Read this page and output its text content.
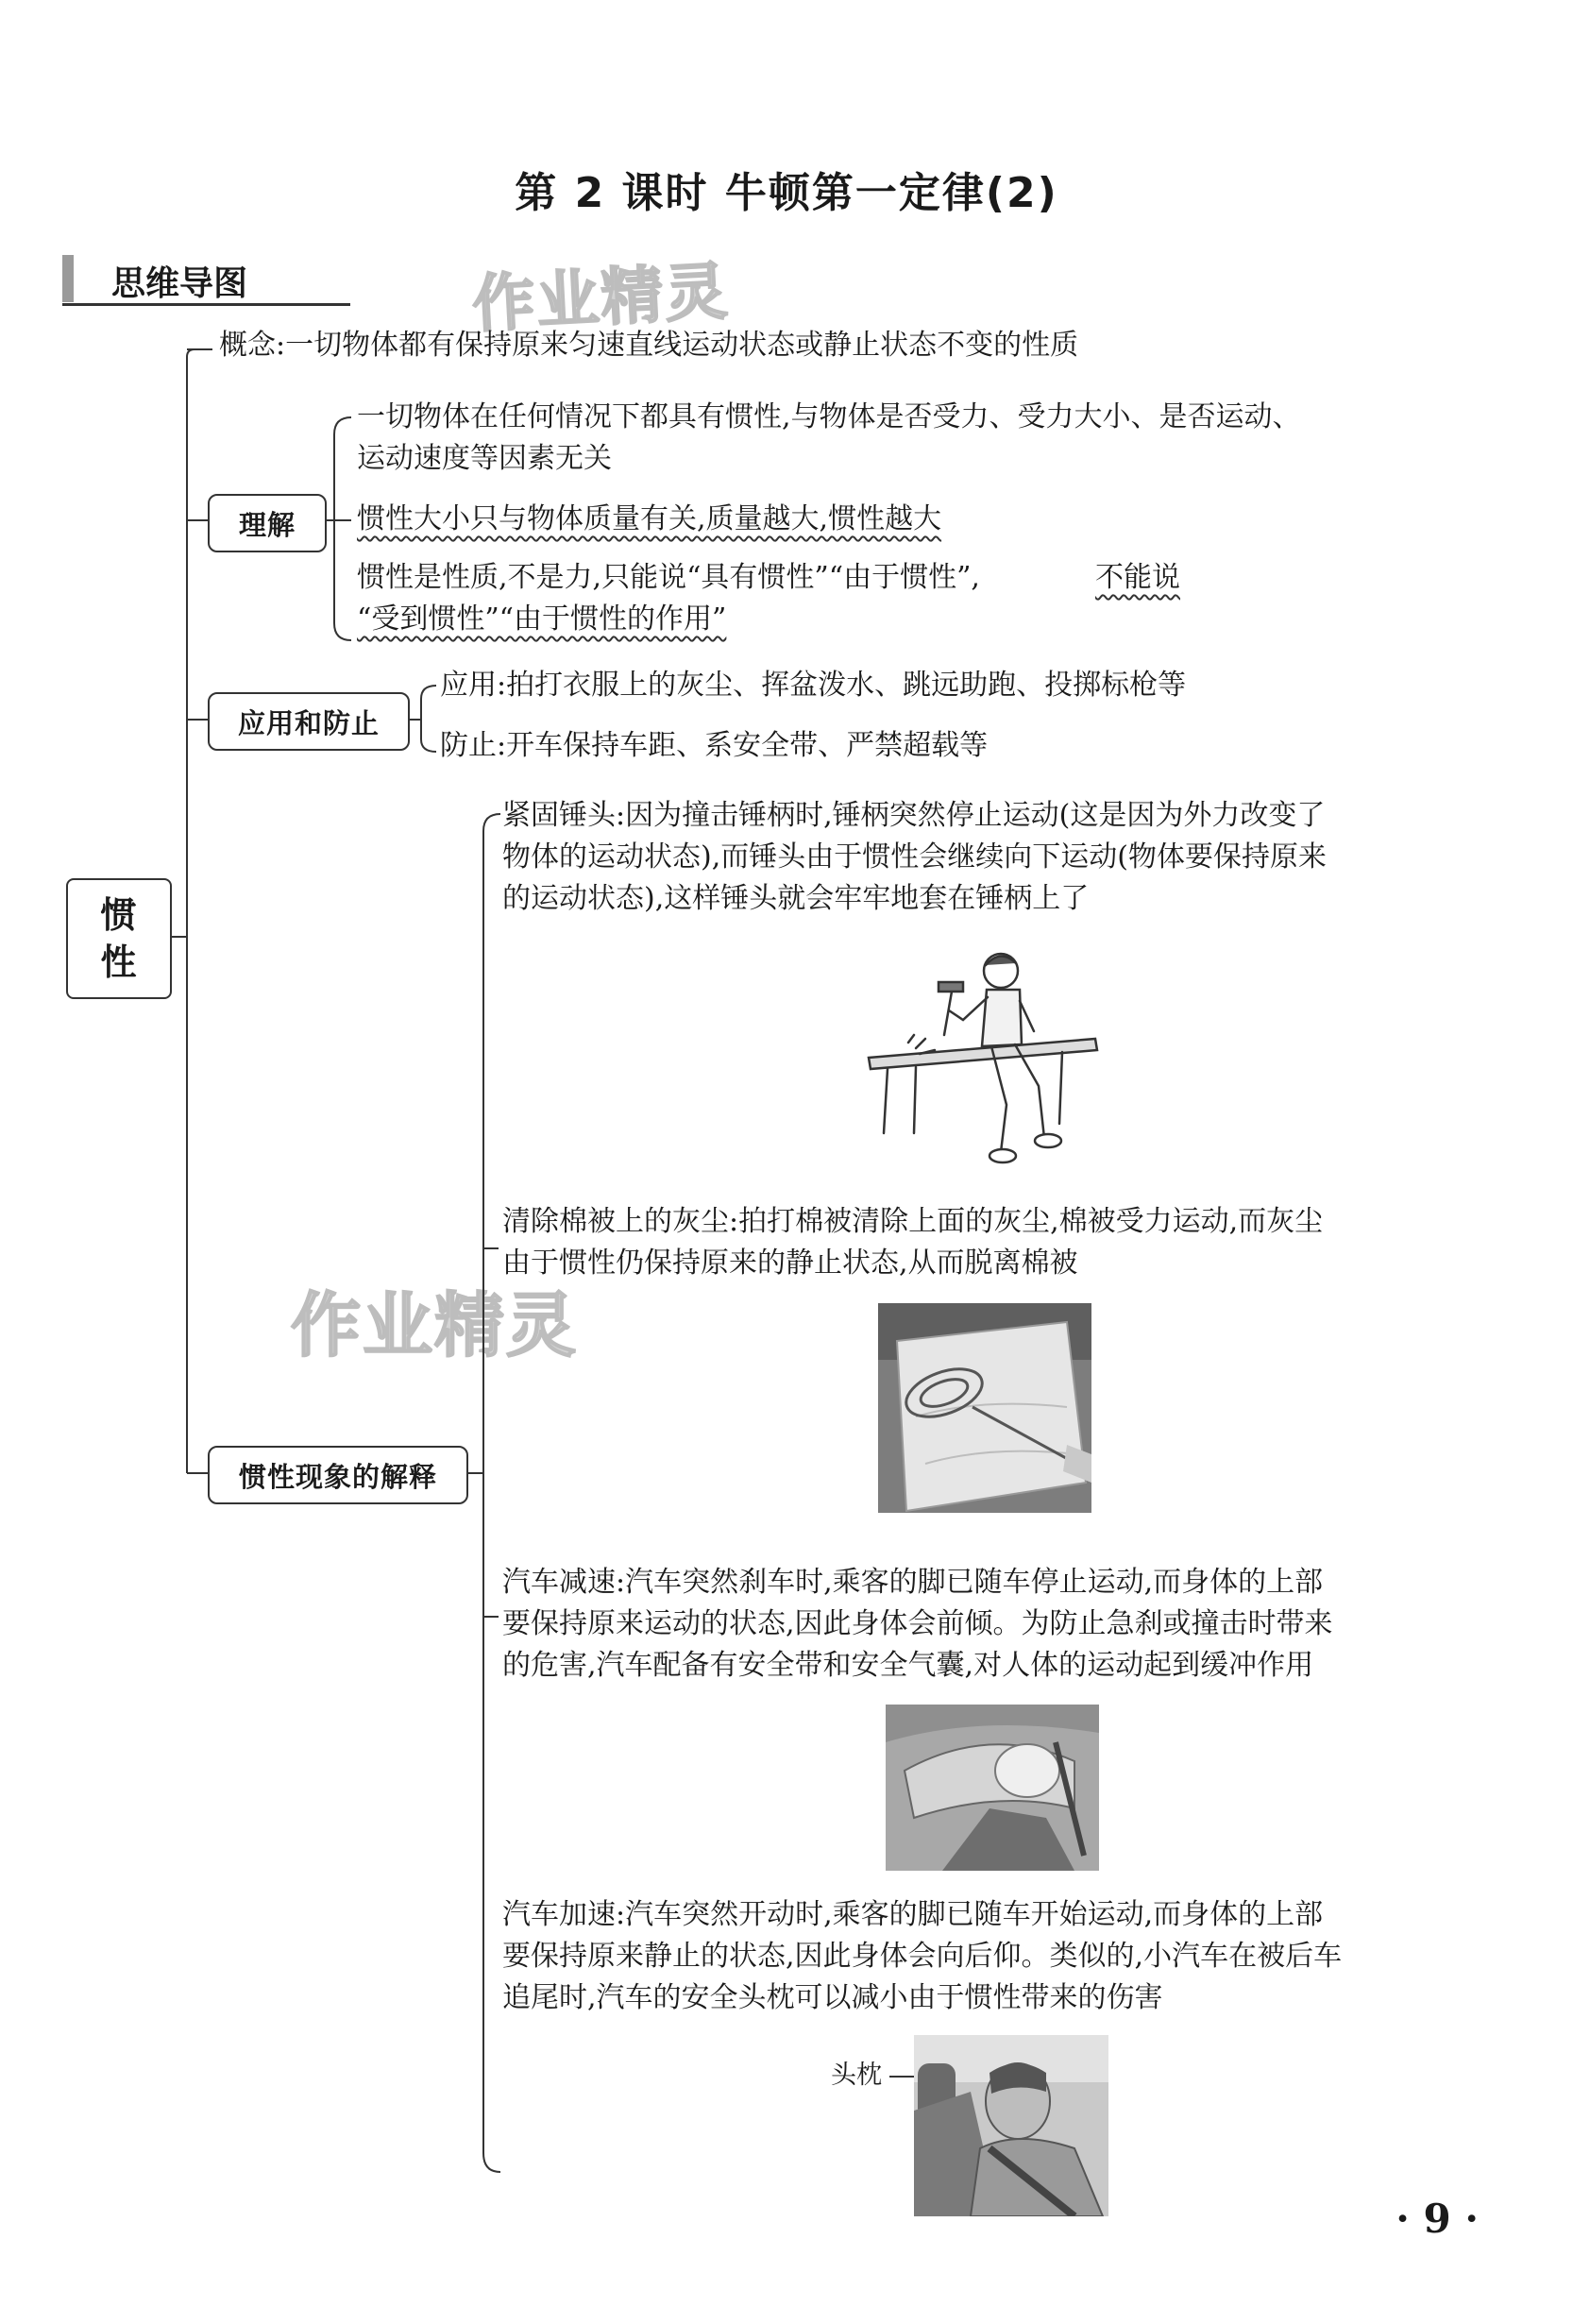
第 2 课时 牛顿第一定律(2)
思维导图	作业精灵
作业精灵
惯
性
概念:一切物体都有保持原来匀速直线运动状态或静止状态不变的性质
理解
一切物体在任何情况下都具有惯性,与物体是否受力、受力大小、是否运动、
运动速度等因素无关
惯性大小只与物体质量有关,质量越大,惯性越大
惯性是性质,不是力,只能说“具有惯性”“由于惯性”,	不能说
“受到惯性”“由于惯性的作用”
应用和防止
应用:拍打衣服上的灰尘、挥盆泼水、跳远助跑、投掷标枪等
防止:开车保持车距、系安全带、严禁超载等
惯性现象的解释
紧固锤头:因为撞击锤柄时,锤柄突然停止运动(这是因为外力改变了
物体的运动状态),而锤头由于惯性会继续向下运动(物体要保持原来
的运动状态),这样锤头就会牢牢地套在锤柄上了
清除棉被上的灰尘:拍打棉被清除上面的灰尘,棉被受力运动,而灰尘
由于惯性仍保持原来的静止状态,从而脱离棉被
汽车减速:汽车突然刹车时,乘客的脚已随车停止运动,而身体的上部
要保持原来运动的状态,因此身体会前倾。为防止急刹或撞击时带来
的危害,汽车配备有安全带和安全气囊,对人体的运动起到缓冲作用
汽车加速:汽车突然开动时,乘客的脚已随车开始运动,而身体的上部
要保持原来静止的状态,因此身体会向后仰。类似的,小汽车在被后车
追尾时,汽车的安全头枕可以减小由于惯性带来的伤害
头枕
· 9 ·
